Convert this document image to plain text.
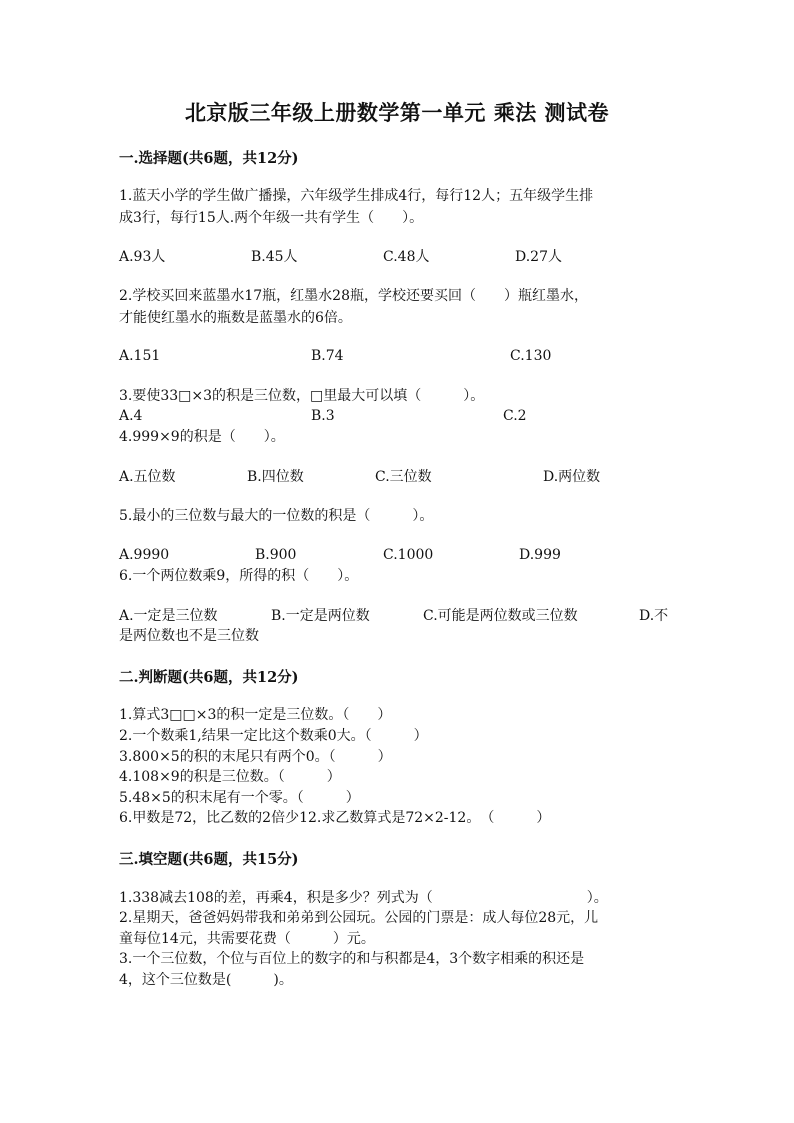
北京版三年级上册数学第一单元 乘法 测试卷
一.选择题(共6题，共12分)
1.蓝天小学的学生做广播操，六年级学生排成4行，每行12人；五年级学生排
成3行，每行15人.两个年级一共有学生（　　）。
A.93人	B.45人	C.48人	D.27人
2.学校买回来蓝墨水17瓶，红墨水28瓶，学校还要买回（　　）瓶红墨水，
才能使红墨水的瓶数是蓝墨水的6倍。
A.151	B.74	C.130
3.要使33□×3的积是三位数，□里最大可以填（　　　）。
A.4	B.3	C.2
4.999×9的积是（　　）。
A.五位数	B.四位数	C.三位数	D.两位数
5.最小的三位数与最大的一位数的积是（　　　）。
A.9990	B.900	C.1000	D.999
6.一个两位数乘9，所得的积（　　）。
A.一定是三位数	B.一定是两位数	C.可能是两位数或三位数	D.不
是两位数也不是三位数
二.判断题(共6题，共12分)
1.算式3□□×3的积一定是三位数。（　　）
2.一个数乘1,结果一定比这个数乘0大。（　　　）
3.800×5的积的末尾只有两个0。（　　　）
4.108×9的积是三位数。（　　　）
5.48×5的积末尾有一个零。（　　　）
6.甲数是72，比乙数的2倍少12.求乙数算式是72×2-12。　（　　　）
三.填空题(共6题，共15分)
1.338减去108的差，再乘4，积是多少？列式为（　　　　　　　　　　　）。
2.星期天，爸爸妈妈带我和弟弟到公园玩。公园的门票是：成人每位28元，儿
童每位14元，共需要花费（　　　）元。
3.一个三位数，个位与百位上的数字的和与积都是4，3个数字相乘的积还是
4，这个三位数是(　　　)。
